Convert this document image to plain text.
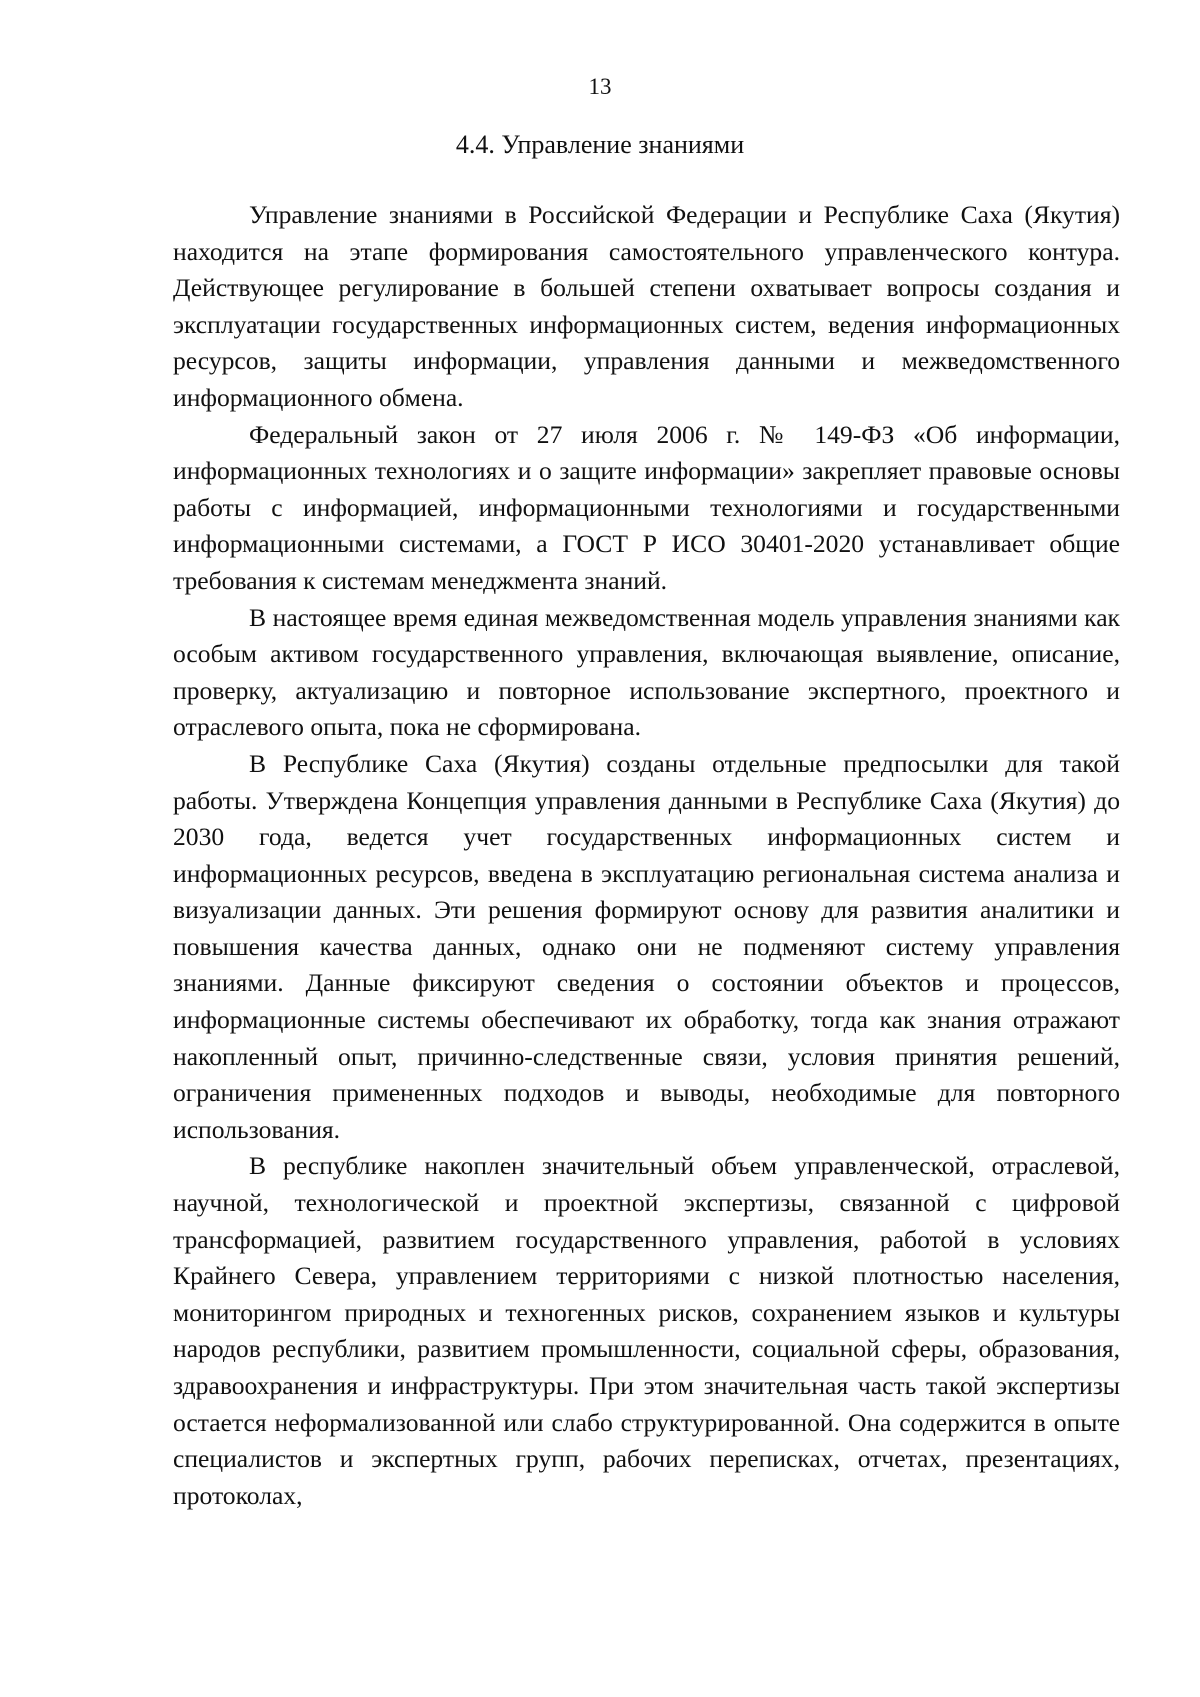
13
4.4. Управление знаниями

Управление знаниями в Российской Федерации и Республике Саха (Якутия) находится на этапе формирования самостоятельного управленческого контура. Действующее регулирование в большей степени охватывает вопросы создания и эксплуатации государственных информационных систем, ведения информационных ресурсов, защиты информации, управления данными и межведомственного информационного обмена.

Федеральный закон от 27 июля 2006 г. № 149-ФЗ «Об информации, информационных технологиях и о защите информации» закрепляет правовые основы работы с информацией, информационными технологиями и государственными информационными системами, а ГОСТ Р ИСО 30401-2020 устанавливает общие требования к системам менеджмента знаний.

В настоящее время единая межведомственная модель управления знаниями как особым активом государственного управления, включающая выявление, описание, проверку, актуализацию и повторное использование экспертного, проектного и отраслевого опыта, пока не сформирована.

В Республике Саха (Якутия) созданы отдельные предпосылки для такой работы. Утверждена Концепция управления данными в Республике Саха (Якутия) до 2030 года, ведется учет государственных информационных систем и информационных ресурсов, введена в эксплуатацию региональная система анализа и визуализации данных. Эти решения формируют основу для развития аналитики и повышения качества данных, однако они не подменяют систему управления знаниями. Данные фиксируют сведения о состоянии объектов и процессов, информационные системы обеспечивают их обработку, тогда как знания отражают накопленный опыт, причинно-следственные связи, условия принятия решений, ограничения примененных подходов и выводы, необходимые для повторного использования.

В республике накоплен значительный объем управленческой, отраслевой, научной, технологической и проектной экспертизы, связанной с цифровой трансформацией, развитием государственного управления, работой в условиях Крайнего Севера, управлением территориями с низкой плотностью населения, мониторингом природных и техногенных рисков, сохранением языков и культуры народов республики, развитием промышленности, социальной сферы, образования, здравоохранения и инфраструктуры. При этом значительная часть такой экспертизы остается неформализованной или слабо структурированной. Она содержится в опыте специалистов и экспертных групп, рабочих переписках, отчетах, презентациях, протоколах,
